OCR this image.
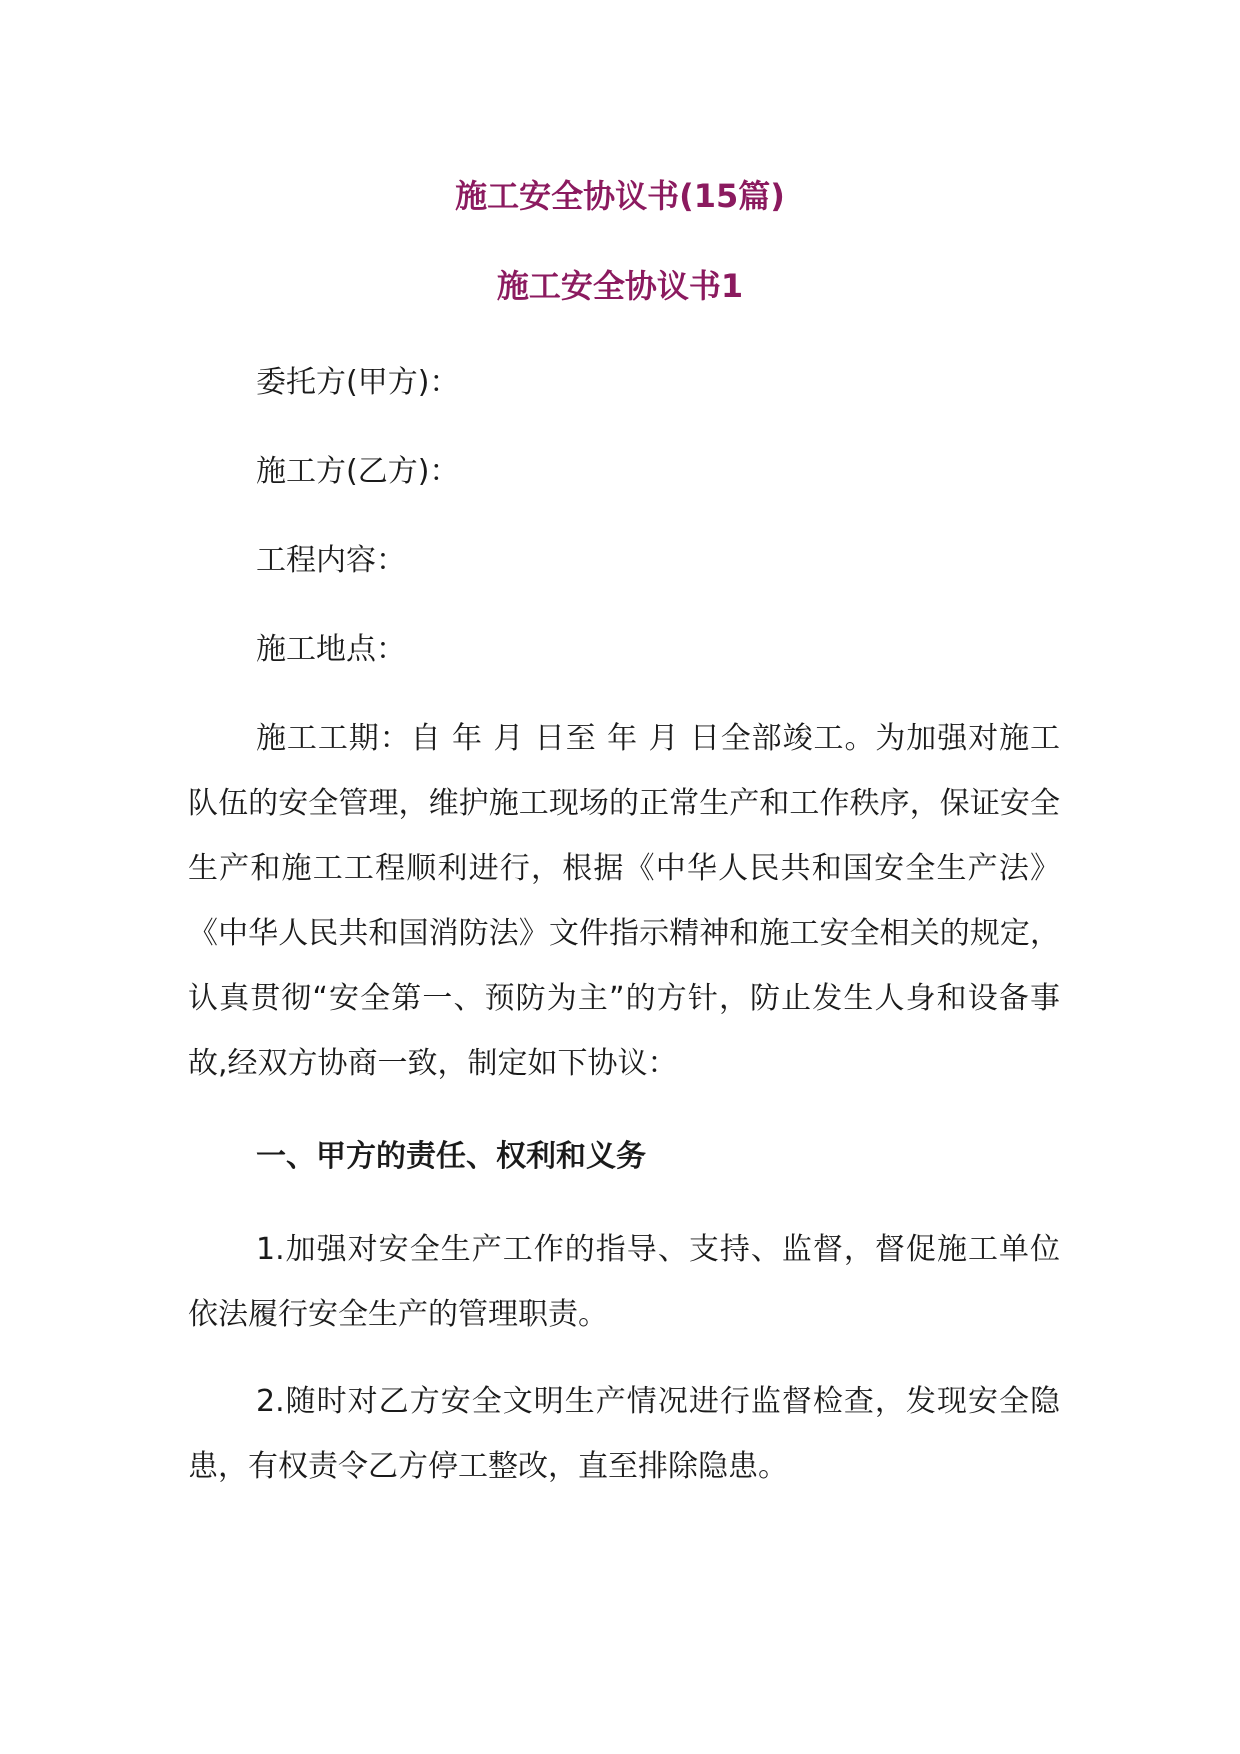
施工安全协议书(15篇)
施工安全协议书1

委托方(甲方)：

施工方(乙方)：

工程内容：

施工地点：

施工工期：自 年 月 日至 年 月 日全部竣工。为加强对施工队伍的安全管理，维护施工现场的正常生产和工作秩序，保证安全生产和施工工程顺利进行，根据《中华人民共和国安全生产法》《中华人民共和国消防法》文件指示精神和施工安全相关的规定，认真贯彻“安全第一、预防为主”的方针，防止发生人身和设备事故,经双方协商一致，制定如下协议：

一、甲方的责任、权利和义务

1.加强对安全生产工作的指导、支持、监督，督促施工单位依法履行安全生产的管理职责。

2.随时对乙方安全文明生产情况进行监督检查，发现安全隐患，有权责令乙方停工整改，直至排除隐患。
